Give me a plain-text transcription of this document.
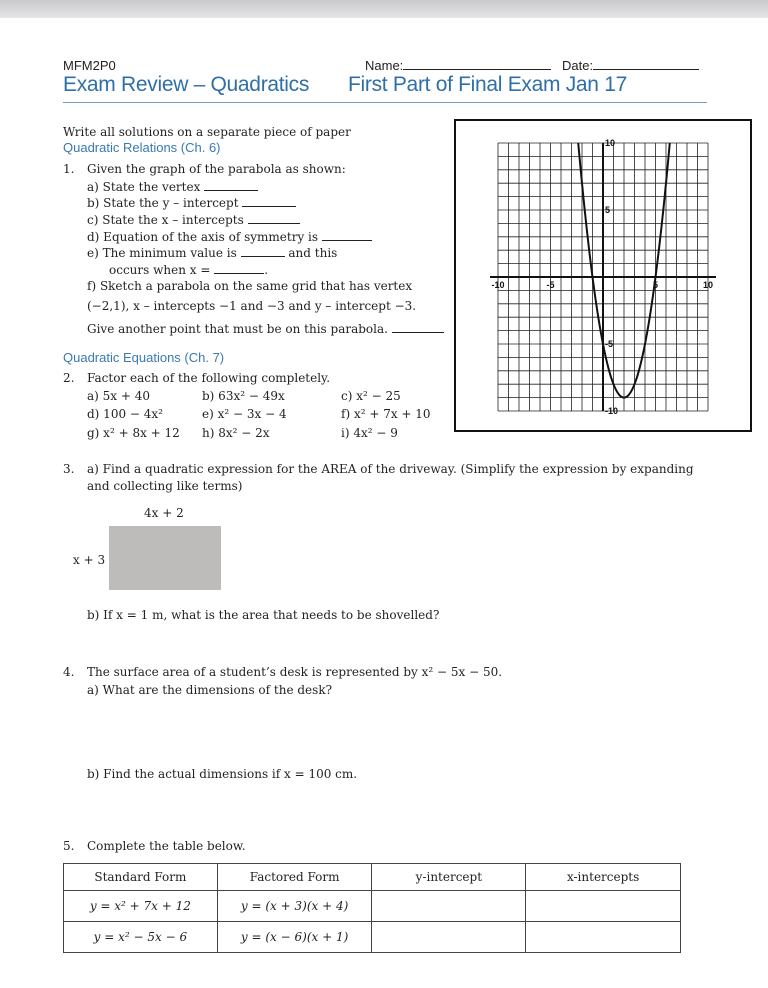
MFM2P0	Name:	Date:
Exam Review – Quadratics First Part of Final Exam Jan 17
Write all solutions on a separate piece of paper
Quadratic Relations (Ch. 6)
1. Given the graph of the parabola as shown:
a) State the vertex
b) State the y – intercept
c) State the x – intercepts
d) Equation of the axis of symmetry is
e) The minimum value is	and this
occurs when x =	.
f) Sketch a parabola on the same grid that has vertex
(−2,1), x – intercepts −1 and −3 and y – intercept −3.
Give another point that must be on this parabola.
Quadratic Equations (Ch. 7)
2. Factor each of the following completely.
a) 5x + 40	b) 63x² − 49x	c) x² − 25
d) 100 − 4x²	e) x² − 3x − 4	f) x² + 7x + 10
g) x² + 8x + 12 h) 8x² − 2x	i) 4x² − 9
-10	-5	5	10
10
5
-5
-10
3. a) Find a quadratic expression for the AREA of the driveway. (Simplify the expression by expanding
and collecting like terms)
4x + 2
x + 3
b) If x = 1 m, what is the area that needs to be shovelled?
4. The surface area of a student’s desk is represented by x² − 5x − 50.
a) What are the dimensions of the desk?
b) Find the actual dimensions if x = 100 cm.
5. Complete the table below.
Standard Form	Factored Form	y-intercept	x-intercepts
y = x² + 7x + 12	y = (x + 3)(x + 4)		
y = x² − 5x − 6	y = (x − 6)(x + 1)		
